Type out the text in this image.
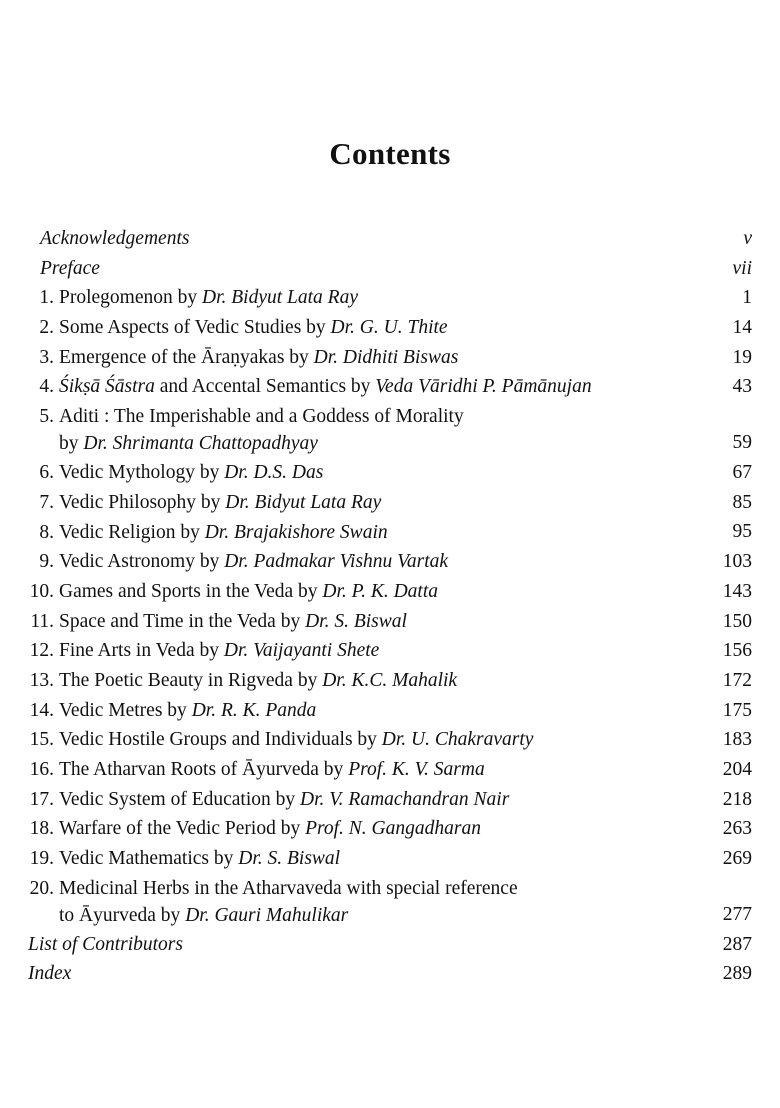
Contents
Acknowledgements	v
Preface	vii
1. Prolegomenon by Dr. Bidyut Lata Ray	1
2. Some Aspects of Vedic Studies by Dr. G. U. Thite	14
3. Emergence of the Āraṇyakas by Dr. Didhiti Biswas	19
4. Śikṣā Śāstra and Accental Semantics by Veda Vāridhi P. Pāmānujan	43
5. Aditi : The Imperishable and a Goddess of Morality
by Dr. Shrimanta Chattopadhyay	59
6. Vedic Mythology by Dr. D.S. Das	67
7. Vedic Philosophy by Dr. Bidyut Lata Ray	85
8. Vedic Religion by Dr. Brajakishore Swain	95
9. Vedic Astronomy by Dr. Padmakar Vishnu Vartak	103
10. Games and Sports in the Veda by Dr. P. K. Datta	143
11. Space and Time in the Veda by Dr. S. Biswal	150
12. Fine Arts in Veda by Dr. Vaijayanti Shete	156
13. The Poetic Beauty in Rigveda by Dr. K.C. Mahalik	172
14. Vedic Metres by Dr. R. K. Panda	175
15. Vedic Hostile Groups and Individuals by Dr. U. Chakravarty	183
16. The Atharvan Roots of Āyurveda by Prof. K. V. Sarma	204
17. Vedic System of Education by Dr. V. Ramachandran Nair	218
18. Warfare of the Vedic Period by Prof. N. Gangadharan	263
19. Vedic Mathematics by Dr. S. Biswal	269
20. Medicinal Herbs in the Atharvaveda with special reference
to Āyurveda by Dr. Gauri Mahulikar	277
List of Contributors	287
Index	289
